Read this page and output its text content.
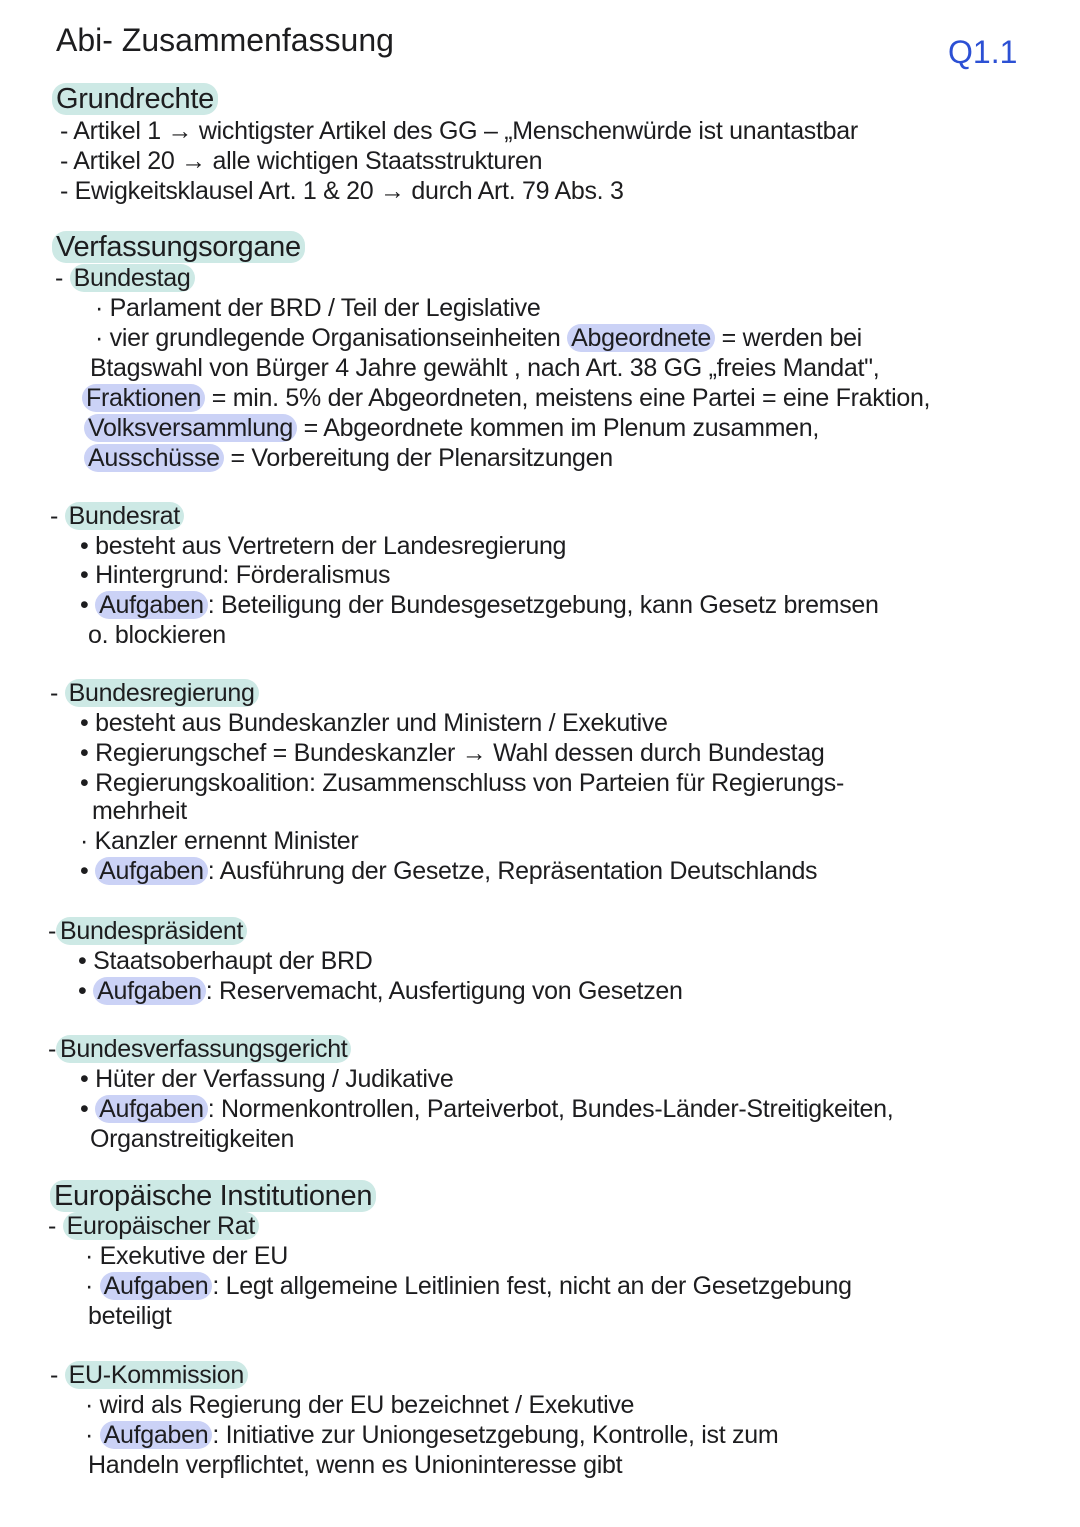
Abi- Zusammenfassung	Q1.1
Grundrechte
- Artikel 1 → wichtigster Artikel des GG – „Menschenwürde ist unantastbar
- Artikel 20 → alle wichtigen Staatsstrukturen
- Ewigkeitsklausel Art. 1 & 20 → durch Art. 79 Abs. 3
Verfassungsorgane
- Bundestag
· Parlament der BRD / Teil der Legislative
· vier grundlegende Organisationseinheiten Abgeordnete = werden bei
Btagswahl von Bürger 4 Jahre gewählt , nach Art. 38 GG „freies Mandat",
Fraktionen = min. 5% der Abgeordneten, meistens eine Partei = eine Fraktion,
Volksversammlung = Abgeordnete kommen im Plenum zusammen,
Ausschüsse = Vorbereitung der Plenarsitzungen
- Bundesrat
• besteht aus Vertretern der Landesregierung
• Hintergrund: Förderalismus
• Aufgaben : Beteiligung der Bundesgesetzgebung, kann Gesetz bremsen
o. blockieren
- Bundesregierung
• besteht aus Bundeskanzler und Ministern / Exekutive
• Regierungschef = Bundeskanzler → Wahl dessen durch Bundestag
• Regierungskoalition: Zusammenschluss von Parteien für Regierungs-
mehrheit
· Kanzler ernennt Minister
• Aufgaben : Ausführung der Gesetze, Repräsentation Deutschlands
- Bundespräsident
• Staatsoberhaupt der BRD
• Aufgaben : Reservemacht, Ausfertigung von Gesetzen
- Bundesverfassungsgericht
• Hüter der Verfassung / Judikative
• Aufgaben : Normenkontrollen, Parteiverbot, Bundes-Länder-Streitigkeiten,
Organstreitigkeiten
Europäische Institutionen
- Europäischer Rat
· Exekutive der EU
· Aufgaben : Legt allgemeine Leitlinien fest, nicht an der Gesetzgebung
beteiligt
- EU-Kommission
· wird als Regierung der EU bezeichnet / Exekutive
· Aufgaben : Initiative zur Uniongesetzgebung, Kontrolle, ist zum
Handeln verpflichtet, wenn es Unioninteresse gibt
